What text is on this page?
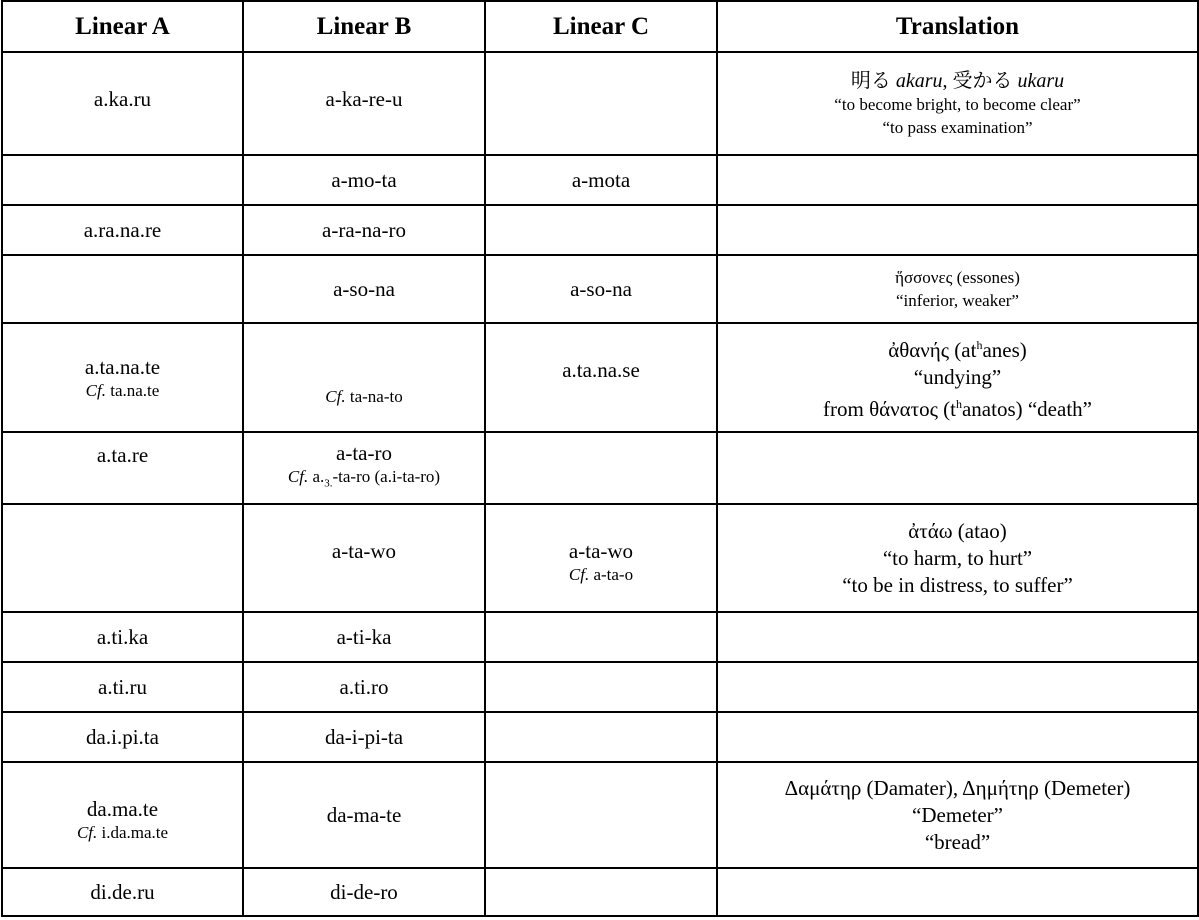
Linear A	Linear B	Linear C	Translation
a.ka.ru	a-ka-re-u		明る akaru, 受かる ukaru
“to become bright, to become clear”
“to pass examination”

	a-mo-ta	a-mota	
a.ra.na.re	a-ra-na-ro		
	a-so-na	a-so-na	ἥσσονες (essones)
“inferior, weaker”

a.ta.na.te
Cf. ta.na.te	Cf. ta-na-to	a.ta.na.se	ἀθανής $(at^hanes)$
“undying”
from θάνατος $(t^hanatos)$ “death”

a.ta.re	a-ta-ro
Cf. $a._{3.}-ta-ro$ (a.i-ta-ro)		

	a-ta-wo	a-ta-wo
Cf. a-ta-o	ἀτάω (atao)
“to harm, to hurt”
“to be in distress, to suffer”

a.ti.ka	a-ti-ka		
a.ti.ru	a.ti.ro		
da.i.pi.ta	da-i-pi-ta		

da.ma.te
Cf. i.da.ma.te	da-ma-te		Δαμάτηρ (Damater), Δημήτηρ (Demeter)
“Demeter”
“bread”

di.de.ru	di-de-ro		
